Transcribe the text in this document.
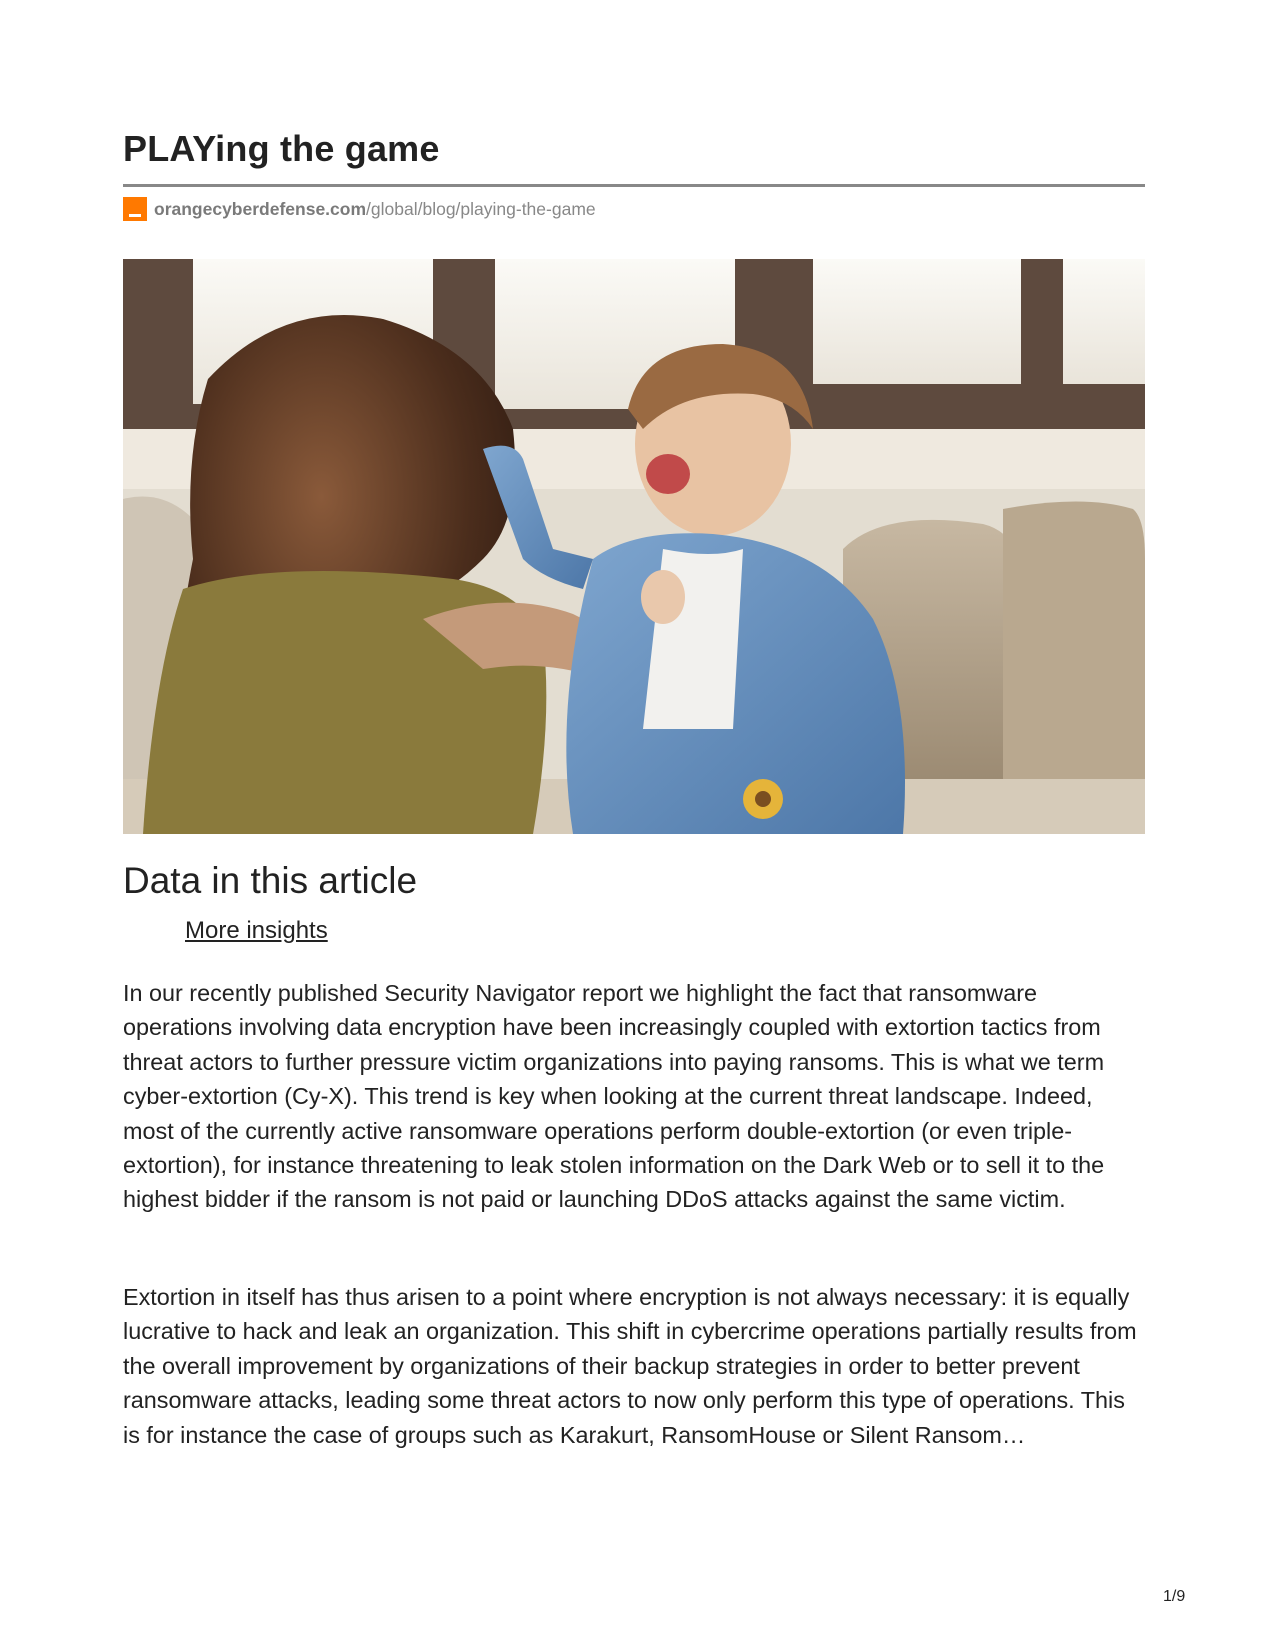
PLAYing the game
orangecyberdefense.com/global/blog/playing-the-game
Data in this article
More insights

In our recently published Security Navigator report we highlight the fact that ransomware operations involving data encryption have been increasingly coupled with extortion tactics from threat actors to further pressure victim organizations into paying ransoms. This is what we term cyber-extortion (Cy-X). This trend is key when looking at the current threat landscape. Indeed, most of the currently active ransomware operations perform double-extortion (or even triple-extortion), for instance threatening to leak stolen information on the Dark Web or to sell it to the highest bidder if the ransom is not paid or launching DDoS attacks against the same victim.

Extortion in itself has thus arisen to a point where encryption is not always necessary: it is equally lucrative to hack and leak an organization. This shift in cybercrime operations partially results from the overall improvement by organizations of their backup strategies in order to better prevent ransomware attacks, leading some threat actors to now only perform this type of operations. This is for instance the case of groups such as Karakurt, RansomHouse or Silent Ransom…

1/9
